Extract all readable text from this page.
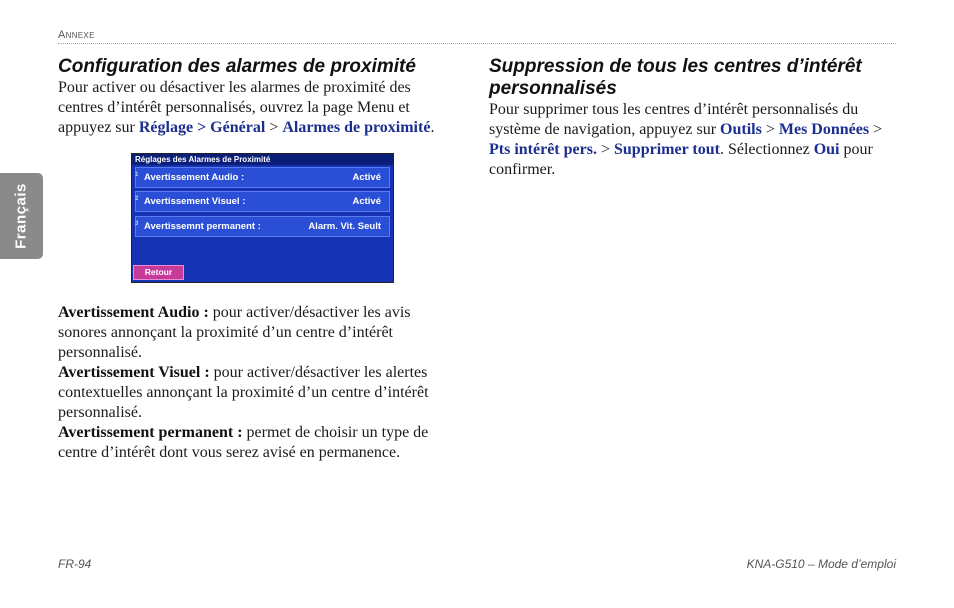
ANNEXE
Français
Configuration des alarmes de proximité

Pour activer ou désactiver les alarmes de proximité des centres d’intérêt personnalisés, ouvrez la page Menu et appuyez sur Réglage > Général > Alarmes de proximité.

Réglages des Alarmes de Proximité
1 Avertissement Audio :	Activé
2 Avertissement Visuel :	Activé
3 Avertissemnt permanent :	Alarm. Vit. Seult
Retour

Avertissement Audio : pour activer/désactiver les avis sonores annonçant la proximité d’un centre d’intérêt personnalisé.

Avertissement Visuel : pour activer/désactiver les alertes contextuelles annonçant la proximité d’un centre d’intérêt personnalisé.

Avertissement permanent : permet de choisir un type de centre d’intérêt dont vous serez avisé en permanence.

Suppression de tous les centres d’intérêt personnalisés

Pour supprimer tous les centres d’intérêt personnalisés du système de navigation, appuyez sur Outils > Mes Données > Pts intérêt pers. > Supprimer tout. Sélectionnez Oui pour confirmer.

FR-94	KNA-G510 – Mode d’emploi
